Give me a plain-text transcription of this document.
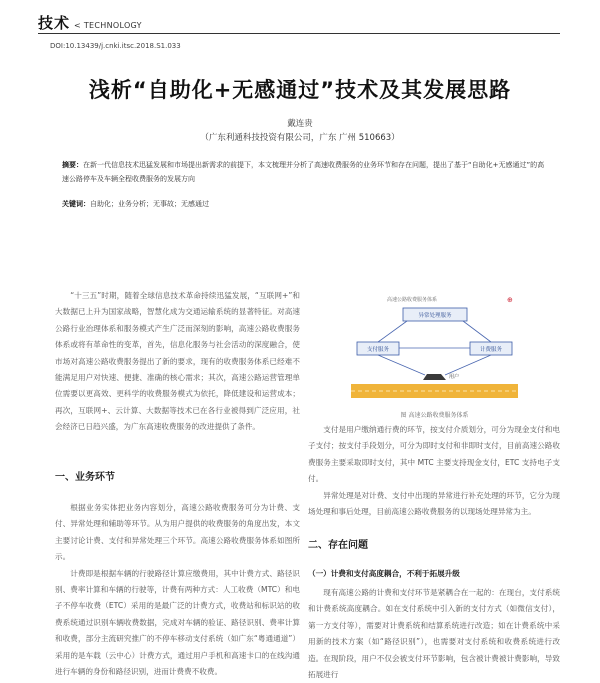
技术 < TECHNOLOGY
DOI:10.13439/j.cnki.itsc.2018.S1.033
浅析“自助化+无感通过”技术及其发展思路
戴连贵
（广东利通科技投资有限公司，广东 广州 510663）
摘要：在新一代信息技术迅猛发展和市场提出新需求的前提下，本文梳理并分析了高速收费服务的业务环节和存在问题，提出了基于“自助化+无感通过”的高速公路停车及车辆全程收费服务的发展方向
关键词：自助化；业务分析；无事故；无感通过

“十三五”时期，随着全球信息技术革命持续迅猛发展，“互联网+”和大数据已上升为国家战略，智慧化成为交通运输系统的显著特征。对高速公路行业治理体系和服务模式产生广泛而深刻的影响，高速公路收费服务体系或将有革命性的变革，首先，信息化服务与社会活动的深度融合，使市场对高速公路收费服务提出了新的要求，现有的收费服务体系已经难不能满足用户对快速、便捷、准确的核心需求；其次，高速公路运营管理单位需要以更高效、更科学的收费服务模式为依托，降低建设和运营成本；再次，互联网+、云计算、大数据等技术已在各行业被得到广泛应用，社会经济已日趋兴盛，为广东高速收费服务的改进提供了条件。

一、业务环节

根据业务实体把业务内容划分，高速公路收费服务可分为计费、支付、异常处理和辅助等环节。从为用户提供的收费服务的角度出发，本文主要讨论计费、支付和异常处理三个环节。高速公路收费服务体系如图所示。

计费即是根据车辆的行驶路径计算应缴费用，其中计费方式、路径识别、费率计算和车辆的行驶等，计费有两种方式：人工收费（MTC）和电子不停车收费（ETC）采用的是最广泛的计费方式，收费站和标识站的收费系统通过识别车辆收费数据，完成对车辆的验证、路径识别、费率计算和收费，部分主流研究推广的不停车移动支付系统（如广东“粤通通道”）采用的是车载（云中心）计费方式，通过用户手机和高速卡口的在线沟通进行车辆的身份和路径识别，进而计费费不收费。

高速公路收费服务体系	⊕
异常处理服务
支付服务	计费服务
用户
图 高速公路收费服务体系

支付是用户缴纳通行费的环节，按支付介质划分，可分为现金支付和电子支付；按支付手段划分，可分为即时支付和非即时支付，目前高速公路收费服务主要采取即时支付，其中 MTC 主要支持现金支付，ETC 支持电子支付。

异常处理是对计费、支付中出现的异常进行补充处理的环节，它分为现场处理和事后处理，目前高速公路收费服务的以现场处理异常为主。

二、存在问题
（一）计费和支付高度耦合，不利于拓展升级

现有高速公路的计费和支付环节是紧耦合在一起的：在现台，支付系统和计费系统高度耦合。如在支付系统中引入新的支付方式（如微信支付），第一方支付等），需要对计费系统和结算系统进行改造；如在计费系统中采用新的技术方案（如“路径识别”），也需要对支付系统和收费系统进行改造。在现阶段，用户不仅会被支付环节影响，包含被计费被计费影响，导致拓展进行
